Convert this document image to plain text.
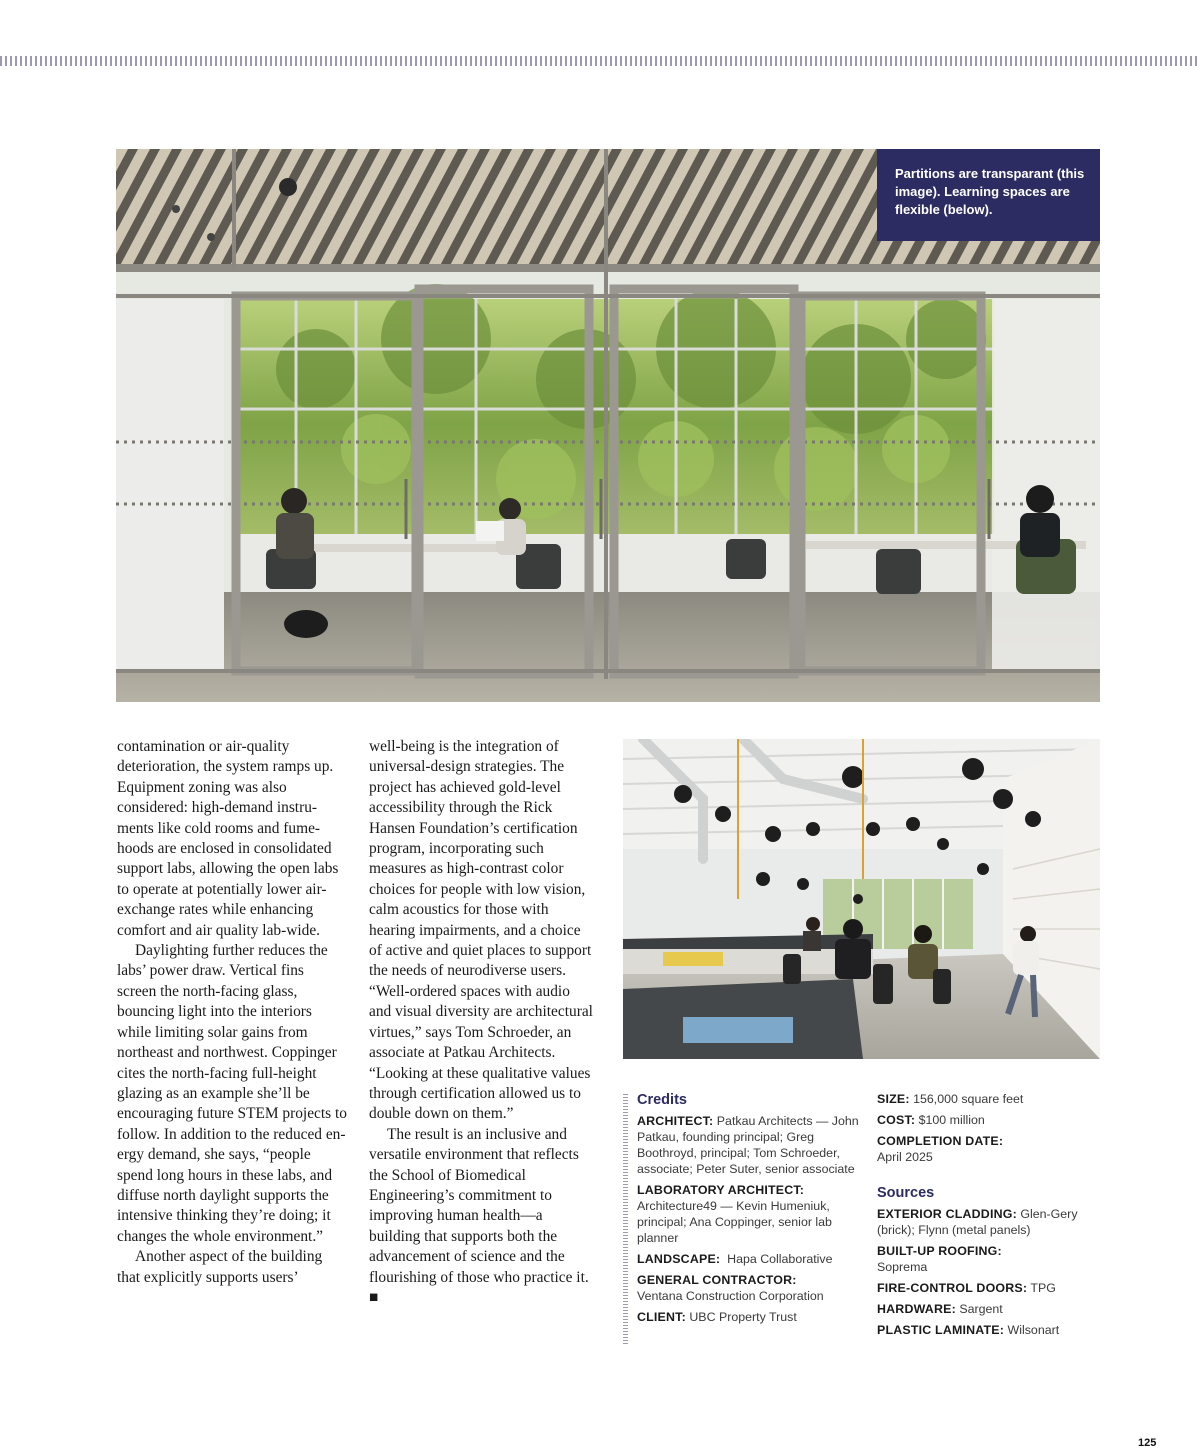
Partitions are transparant (this image). Learning spaces are flexible (below).

contamination or air-quality deterioration, the system ramps up. Equipment zoning was also considered: high-demand instruments like cold rooms and fumehoods are enclosed in consolidated support labs, allowing the open labs to operate at potentially lower air-exchange rates while enhancing comfort and air quality lab-wide.

Daylighting further reduces the labs’ power draw. Vertical fins screen the north-facing glass, bouncing light into the interiors while limiting solar gains from northeast and northwest. Coppinger cites the north-facing full-height glazing as an example she’ll be encouraging future STEM projects to follow. In addition to the reduced energy demand, she says, “people spend long hours in these labs, and diffuse north daylight supports the intensive thinking they’re doing; it changes the whole environment.”

Another aspect of the building that explicitly supports users’

well-being is the integration of universal-design strategies. The project has achieved gold-level accessibility through the Rick Hansen Foundation’s certification program, incorporating such measures as high-contrast color choices for people with low vision, calm acoustics for those with hearing impairments, and a choice of active and quiet places to support the needs of neurodiverse users. “Well-ordered spaces with audio and visual diversity are architectural virtues,” says Tom Schroeder, an associate at Patkau Architects. “Looking at these qualitative values through certification allowed us to double down on them.”

The result is an inclusive and versatile environment that reflects the School of Biomedical Engineering’s commitment to improving human health—a building that supports both the advancement of science and the flourishing of those who practice it. ■

Credits
ARCHITECT: Patkau Architects — John Patkau, founding principal; Greg Boothroyd, principal; Tom Schroeder, associate; Peter Suter, senior associate
LABORATORY ARCHITECT:
Architecture49 — Kevin Humeniuk, principal; Ana Coppinger, senior lab planner
LANDSCAPE: Hapa Collaborative
GENERAL CONTRACTOR:
Ventana Construction Corporation
CLIENT: UBC Property Trust
SIZE: 156,000 square feet
COST: $100 million
COMPLETION DATE:
April 2025
Sources
EXTERIOR CLADDING: Glen-Gery (brick); Flynn (metal panels)
BUILT-UP ROOFING:
Soprema
FIRE-CONTROL DOORS: TPG
HARDWARE: Sargent
PLASTIC LAMINATE: Wilsonart
125
